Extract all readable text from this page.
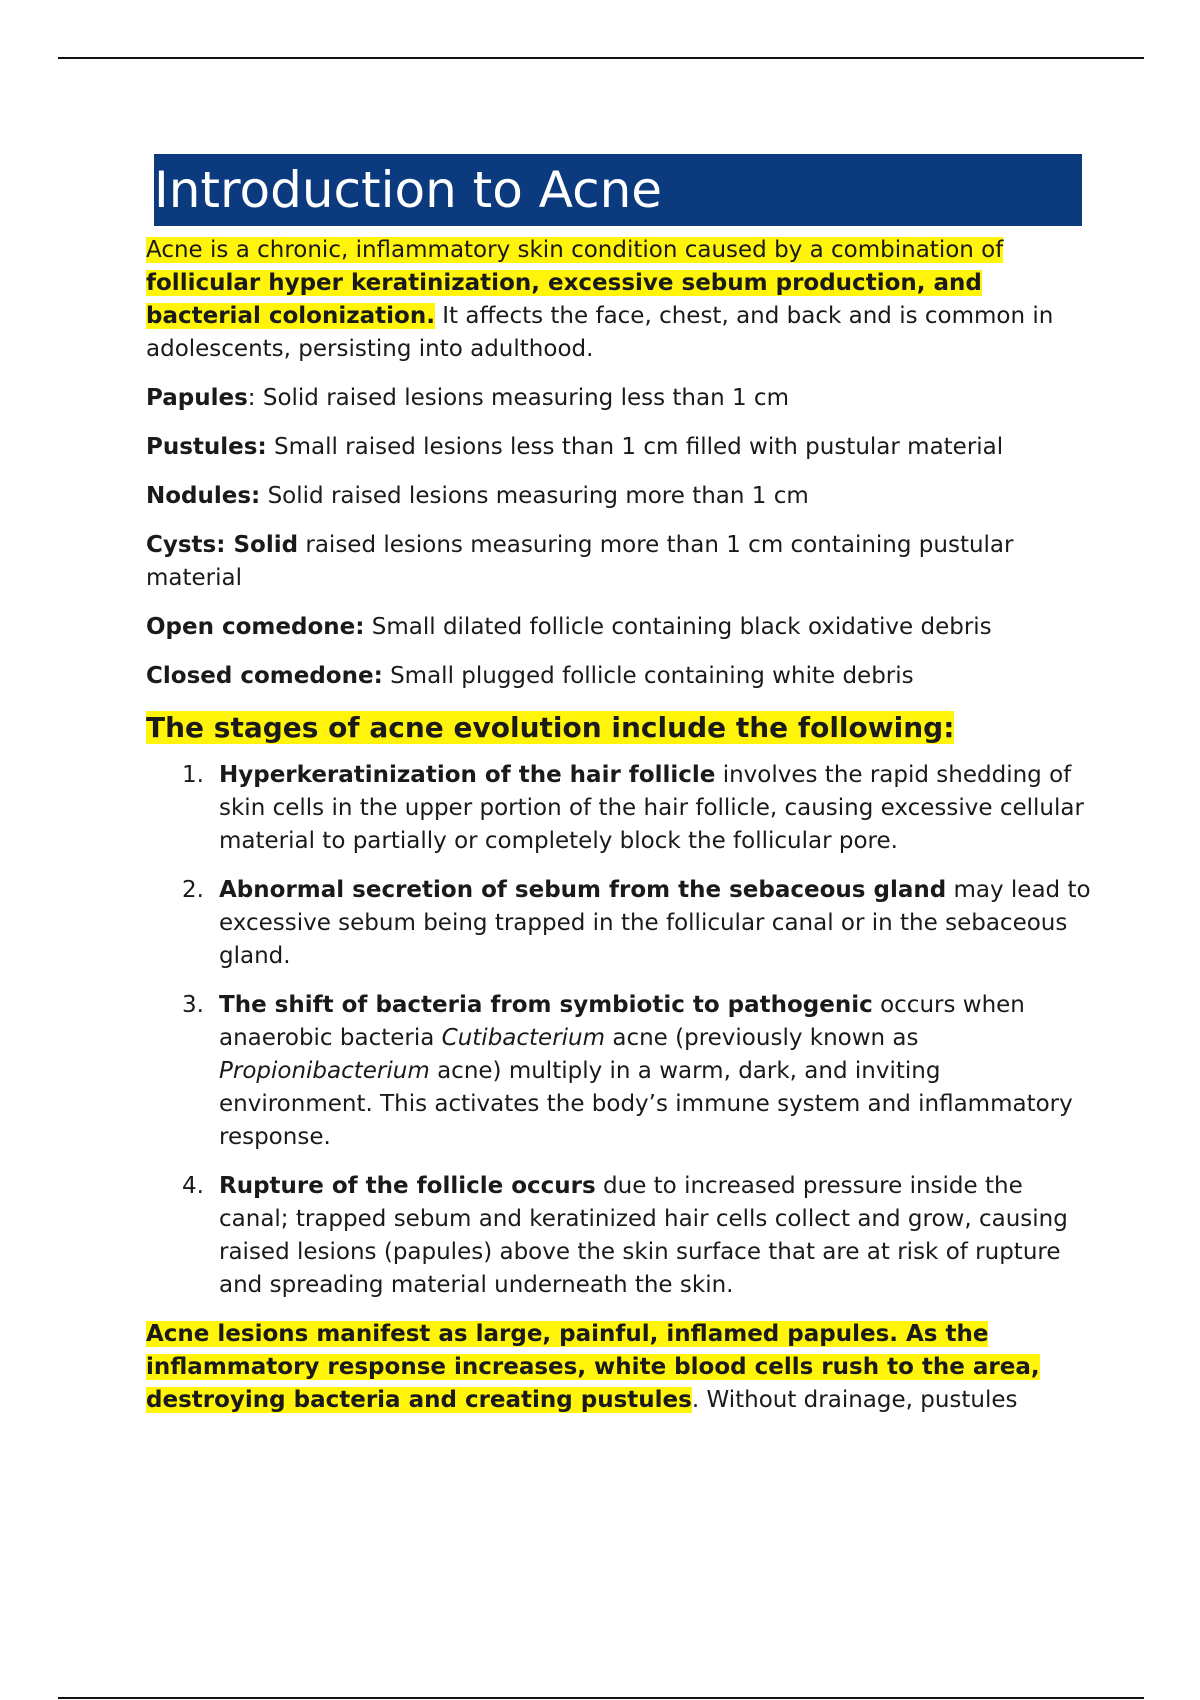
Introduction to Acne

Acne is a chronic, inflammatory skin condition caused by a combination of follicular hyper keratinization, excessive sebum production, and bacterial colonization. It affects the face, chest, and back and is common in adolescents, persisting into adulthood.

Papules: Solid raised lesions measuring less than 1 cm

Pustules: Small raised lesions less than 1 cm filled with pustular material

Nodules: Solid raised lesions measuring more than 1 cm

Cysts: Solid raised lesions measuring more than 1 cm containing pustular material

Open comedone: Small dilated follicle containing black oxidative debris

Closed comedone: Small plugged follicle containing white debris

The stages of acne evolution include the following:
1. Hyperkeratinization of the hair follicle involves the rapid shedding of skin cells in the upper portion of the hair follicle, causing excessive cellular material to partially or completely block the follicular pore.
2. Abnormal secretion of sebum from the sebaceous gland may lead to excessive sebum being trapped in the follicular canal or in the sebaceous gland.
3. The shift of bacteria from symbiotic to pathogenic occurs when anaerobic bacteria Cutibacterium acne (previously known as Propionibacterium acne) multiply in a warm, dark, and inviting environment. This activates the body’s immune system and inflammatory response.
4. Rupture of the follicle occurs due to increased pressure inside the canal; trapped sebum and keratinized hair cells collect and grow, causing raised lesions (papules) above the skin surface that are at risk of rupture and spreading material underneath the skin.

Acne lesions manifest as large, painful, inflamed papules. As the inflammatory response increases, white blood cells rush to the area, destroying bacteria and creating pustules. Without drainage, pustules
